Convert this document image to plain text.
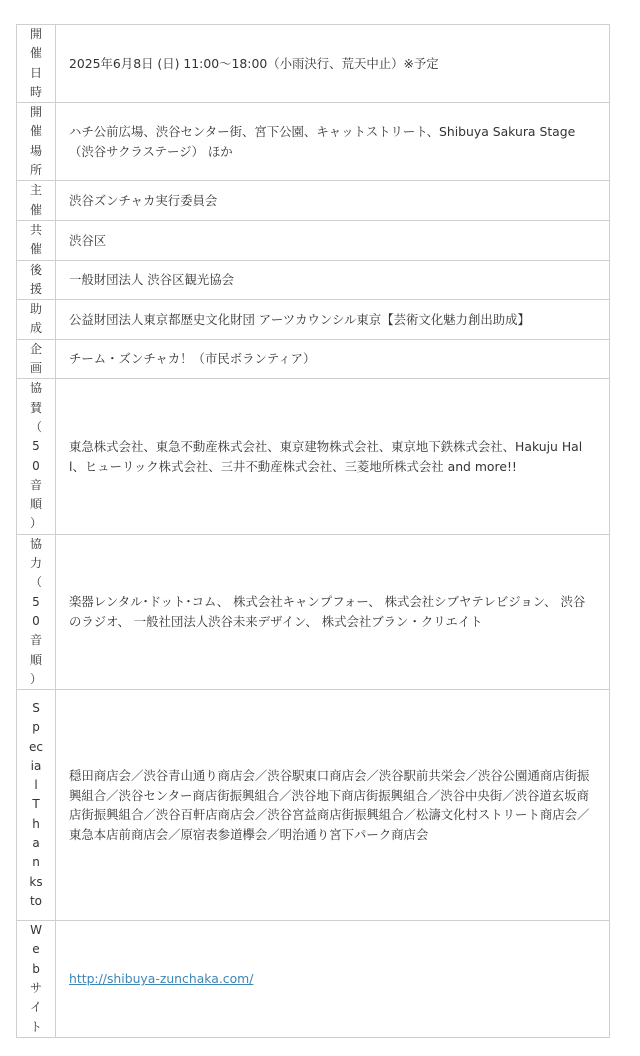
開催日時	2025年6月8日 (日) 11:00〜18:00（小雨決行、荒天中止）※予定

開催場所	ハチ公前広場、渋谷センター街、宮下公園、キャットストリート、Shibuya Sakura Stage（渋谷サクラステージ） ほか

主催	渋谷ズンチャカ実行委員会

共催	渋谷区

後援	一般財団法人 渋谷区観光協会

助成	公益財団法人東京都歴史文化財団 アーツカウンシル東京【芸術文化魅力創出助成】

企画	チーム・ズンチャカ！（市民ボランティア）

協賛（50音順）	東急株式会社、東急不動産株式会社、東京建物株式会社、東京地下鉄株式会社、Hakuju Hall、ヒューリック株式会社、三井不動産株式会社、三菱地所株式会社 and more!!

協力（50音順）	楽器レンタル･ドット･コム、 株式会社キャンプフォー、 株式会社シブヤテレビジョン、 渋谷のラジオ、 一般社団法人渋谷未来デザイン、 株式会社ブラン・クリエイト

Special Thanks to	穏田商店会／渋谷青山通り商店会／渋谷駅東口商店会／渋谷駅前共栄会／渋谷公園通商店街振興組合／渋谷センター商店街振興組合／渋谷地下商店街振興組合／渋谷中央街／渋谷道玄坂商店街振興組合／渋谷百軒店商店会／渋谷宮益商店街振興組合／松濤文化村ストリート商店会／東急本店前商店会／原宿表参道欅会／明治通り宮下パーク商店会

Webサイト	http://shibuya-zunchaka.com/
